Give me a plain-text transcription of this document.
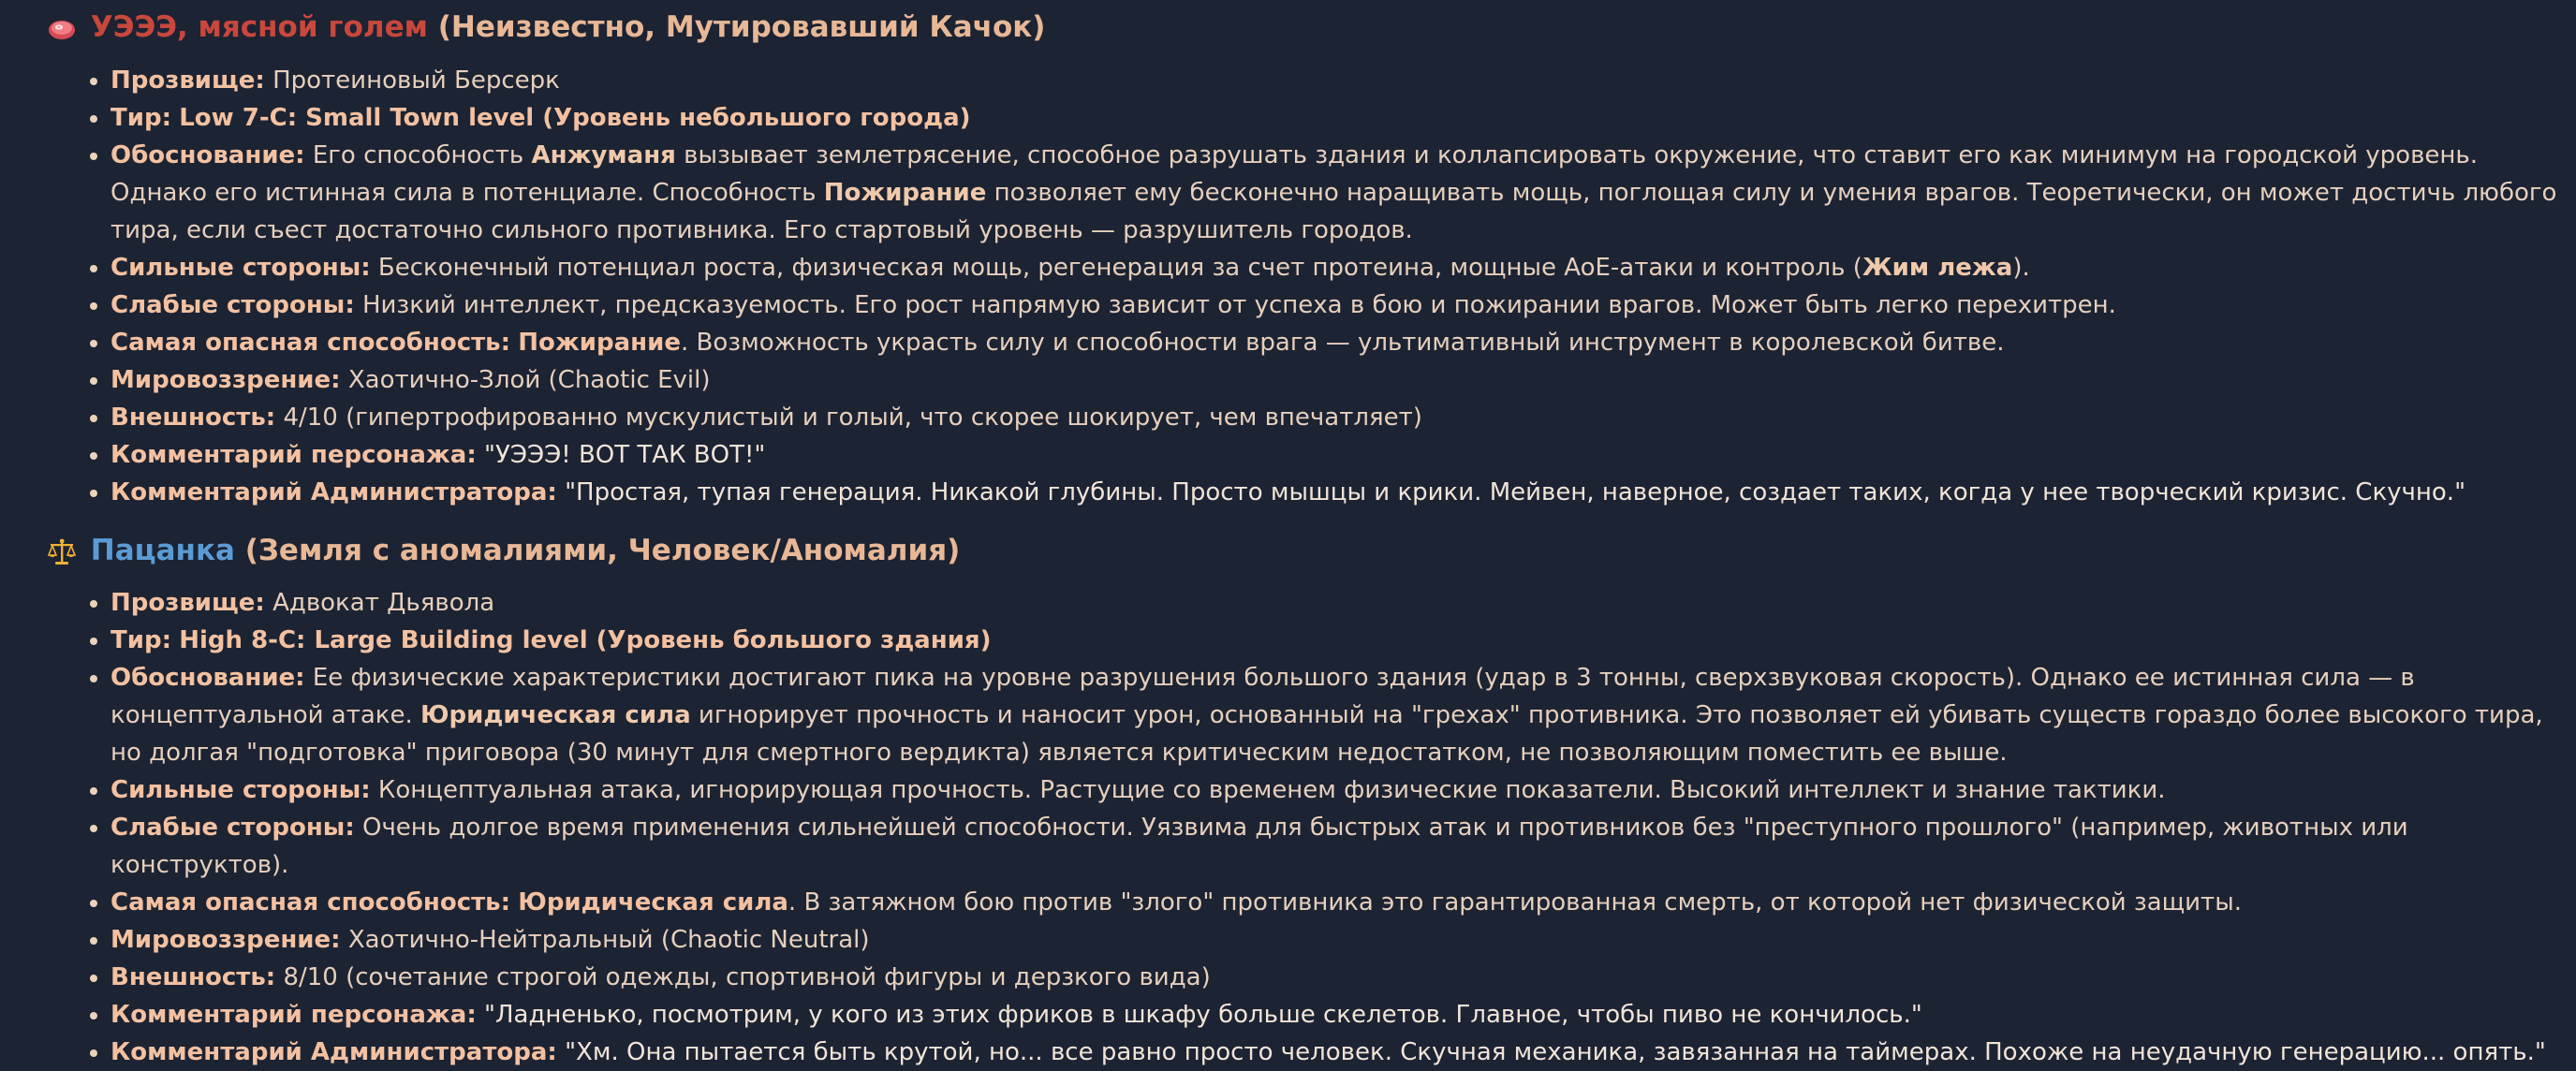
УЭЭЭ, мясной голем (Неизвестно, Мутировавший Качок)
• Прозвище: Протеиновый Берсерк
• Тир: Low 7-C: Small Town level (Уровень небольшого города)
• Обоснование: Его способность Анжуманя вызывает землетрясение, способное разрушать здания и коллапсировать окружение, что ставит его как минимум на городской уровень. Однако его истинная сила в потенциале. Способность Пожирание позволяет ему бесконечно наращивать мощь, поглощая силу и умения врагов. Теоретически, он может достичь любого тира, если съест достаточно сильного противника. Его стартовый уровень — разрушитель городов.
• Сильные стороны: Бесконечный потенциал роста, физическая мощь, регенерация за счет протеина, мощные AoE-атаки и контроль (Жим лежа).
• Слабые стороны: Низкий интеллект, предсказуемость. Его рост напрямую зависит от успеха в бою и пожирании врагов. Может быть легко перехитрен.
• Самая опасная способность: Пожирание. Возможность украсть силу и способности врага — ультимативный инструмент в королевской битве.
• Мировоззрение: Хаотично-Злой (Chaotic Evil)
• Внешность: 4/10 (гипертрофированно мускулистый и голый, что скорее шокирует, чем впечатляет)
• Комментарий персонажа: "УЭЭЭ! ВОТ ТАК ВОТ!"
• Комментарий Администратора: "Простая, тупая генерация. Никакой глубины. Просто мышцы и крики. Мейвен, наверное, создает таких, когда у нее творческий кризис. Скучно."
Пацанка (Земля с аномалиями, Человек/Аномалия)
• Прозвище: Адвокат Дьявола
• Тир: High 8-C: Large Building level (Уровень большого здания)
• Обоснование: Ее физические характеристики достигают пика на уровне разрушения большого здания (удар в 3 тонны, сверхзвуковая скорость). Однако ее истинная сила — в концептуальной атаке. Юридическая сила игнорирует прочность и наносит урон, основанный на "грехах" противника. Это позволяет ей убивать существ гораздо более высокого тира, но долгая "подготовка" приговора (30 минут для смертного вердикта) является критическим недостатком, не позволяющим поместить ее выше.
• Сильные стороны: Концептуальная атака, игнорирующая прочность. Растущие со временем физические показатели. Высокий интеллект и знание тактики.
• Слабые стороны: Очень долгое время применения сильнейшей способности. Уязвима для быстрых атак и противников без "преступного прошлого" (например, животных или конструктов).
• Самая опасная способность: Юридическая сила. В затяжном бою против "злого" противника это гарантированная смерть, от которой нет физической защиты.
• Мировоззрение: Хаотично-Нейтральный (Chaotic Neutral)
• Внешность: 8/10 (сочетание строгой одежды, спортивной фигуры и дерзкого вида)
• Комментарий персонажа: "Ладненько, посмотрим, у кого из этих фриков в шкафу больше скелетов. Главное, чтобы пиво не кончилось."
• Комментарий Администратора: "Хм. Она пытается быть крутой, но... все равно просто человек. Скучная механика, завязанная на таймерах. Похоже на неудачную генерацию... опять."
